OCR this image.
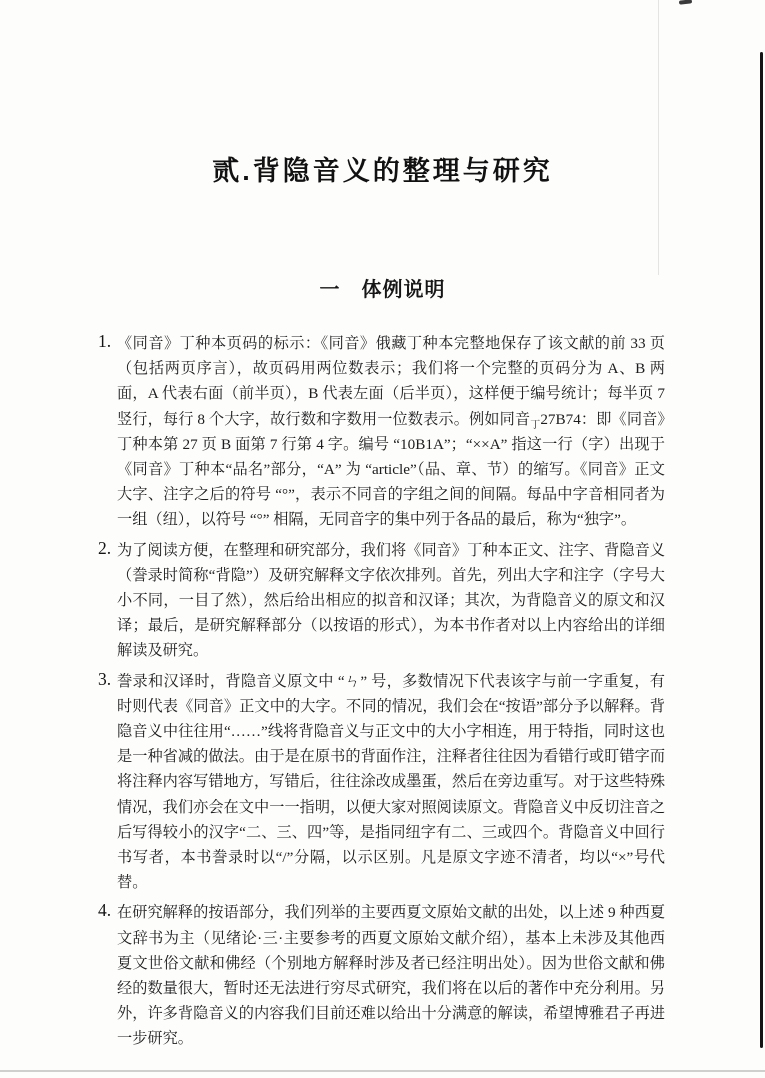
贰.背隐音义的整理与研究
一　体例说明
1. 《同音》丁种本页码的标示：《同音》俄藏丁种本完整地保存了该文献的前 33 页（包括两页序言），故页码用两位数表示；我们将一个完整的页码分为 A、B 两面，A 代表右面（前半页），B 代表左面（后半页），这样便于编号统计；每半页 7 竖行，每行 8 个大字，故行数和字数用一位数表示。例如同音$_丁$27B74：即《同音》丁种本第 27 页 B 面第 7 行第 4 字。编号 “10B1A”；“××A” 指这一行（字）出现于《同音》丁种本“品名”部分，“A” 为 “article”（品、章、节）的缩写。《同音》正文大字、注字之后的符号 “°”，表示不同音的字组之间的间隔。每品中字音相同者为一组（纽），以符号 “°” 相隔，无同音字的集中列于各品的最后，称为“独字”。
2. 为了阅读方便，在整理和研究部分，我们将《同音》丁种本正文、注字、背隐音义（誊录时简称“背隐”）及研究解释文字依次排列。首先，列出大字和注字（字号大小不同，一目了然），然后给出相应的拟音和汉译；其次，为背隐音义的原文和汉译；最后，是研究解释部分（以按语的形式），为本书作者对以上内容给出的详细解读及研究。
3. 誊录和汉译时，背隐音义原文中 “ㄣ” 号，多数情况下代表该字与前一字重复，有时则代表《同音》正文中的大字。不同的情况，我们会在“按语”部分予以解释。背隐音义中往往用“……”线将背隐音义与正文中的大小字相连，用于特指，同时这也是一种省减的做法。由于是在原书的背面作注，注释者往往因为看错行或盯错字而将注释内容写错地方，写错后，往往涂改成墨蛋，然后在旁边重写。对于这些特殊情况，我们亦会在文中一一指明，以便大家对照阅读原文。背隐音义中反切注音之后写得较小的汉字“二、三、四”等，是指同纽字有二、三或四个。背隐音义中回行书写者，本书誊录时以“/”分隔，以示区别。凡是原文字迹不清者，均以“×”号代替。
4. 在研究解释的按语部分，我们列举的主要西夏文原始文献的出处，以上述 9 种西夏文辞书为主（见绪论·三·主要参考的西夏文原始文献介绍），基本上未涉及其他西夏文世俗文献和佛经（个别地方解释时涉及者已经注明出处）。因为世俗文献和佛经的数量很大，暂时还无法进行穷尽式研究，我们将在以后的著作中充分利用。另外，许多背隐音义的内容我们目前还难以给出十分满意的解读，希望博雅君子再进一步研究。
